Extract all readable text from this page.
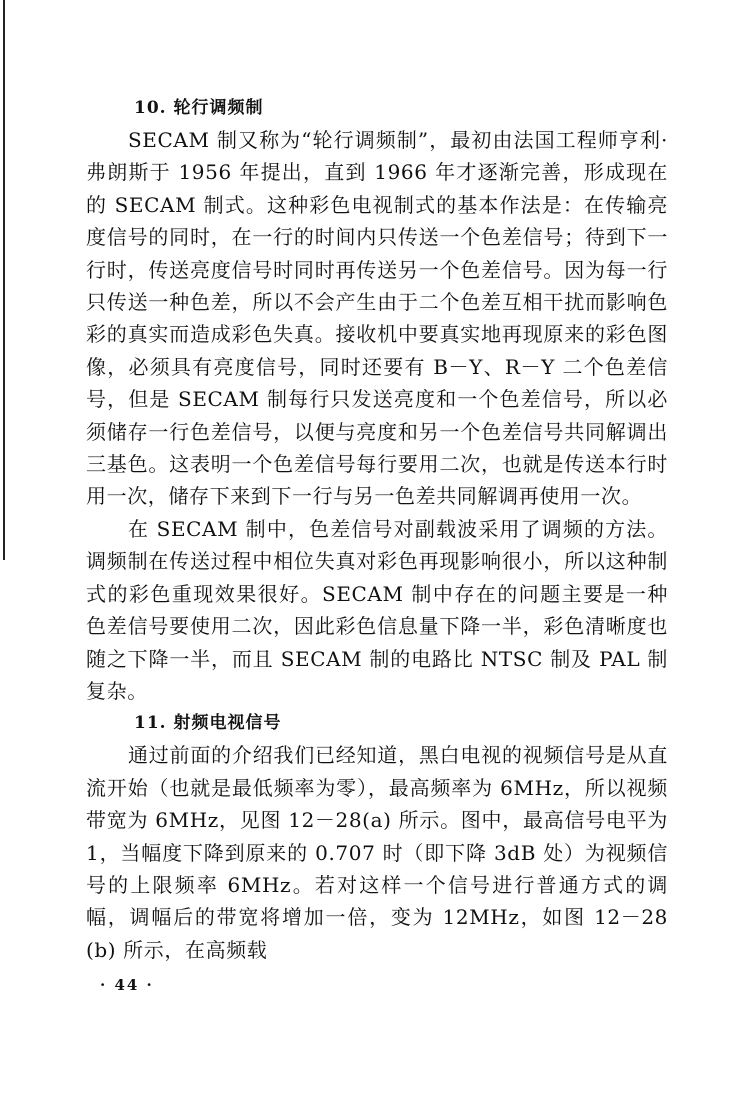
10. 轮行调频制

SECAM 制又称为“轮行调频制”，最初由法国工程师亨利·弗朗斯于 1956 年提出，直到 1966 年才逐渐完善，形成现在的 SECAM 制式。这种彩色电视制式的基本作法是：在传输亮度信号的同时，在一行的时间内只传送一个色差信号；待到下一行时，传送亮度信号时同时再传送另一个色差信号。因为每一行只传送一种色差，所以不会产生由于二个色差互相干扰而影响色彩的真实而造成彩色失真。接收机中要真实地再现原来的彩色图像，必须具有亮度信号，同时还要有 B－Y、R－Y 二个色差信号，但是 SECAM 制每行只发送亮度和一个色差信号，所以必须储存一行色差信号，以便与亮度和另一个色差信号共同解调出三基色。这表明一个色差信号每行要用二次，也就是传送本行时用一次，储存下来到下一行与另一色差共同解调再使用一次。

在 SECAM 制中，色差信号对副载波采用了调频的方法。调频制在传送过程中相位失真对彩色再现影响很小，所以这种制式的彩色重现效果很好。SECAM 制中存在的问题主要是一种色差信号要使用二次，因此彩色信息量下降一半，彩色清晰度也随之下降一半，而且 SECAM 制的电路比 NTSC 制及 PAL 制复杂。

11. 射频电视信号

通过前面的介绍我们已经知道，黑白电视的视频信号是从直流开始（也就是最低频率为零），最高频率为 6MHz，所以视频带宽为 6MHz，见图 12－28(a) 所示。图中，最高信号电平为 1，当幅度下降到原来的 0.707 时（即下降 3dB 处）为视频信号的上限频率 6MHz。若对这样一个信号进行普通方式的调幅，调幅后的带宽将增加一倍，变为 12MHz，如图 12－28(b) 所示，在高频载

· 44 ·
